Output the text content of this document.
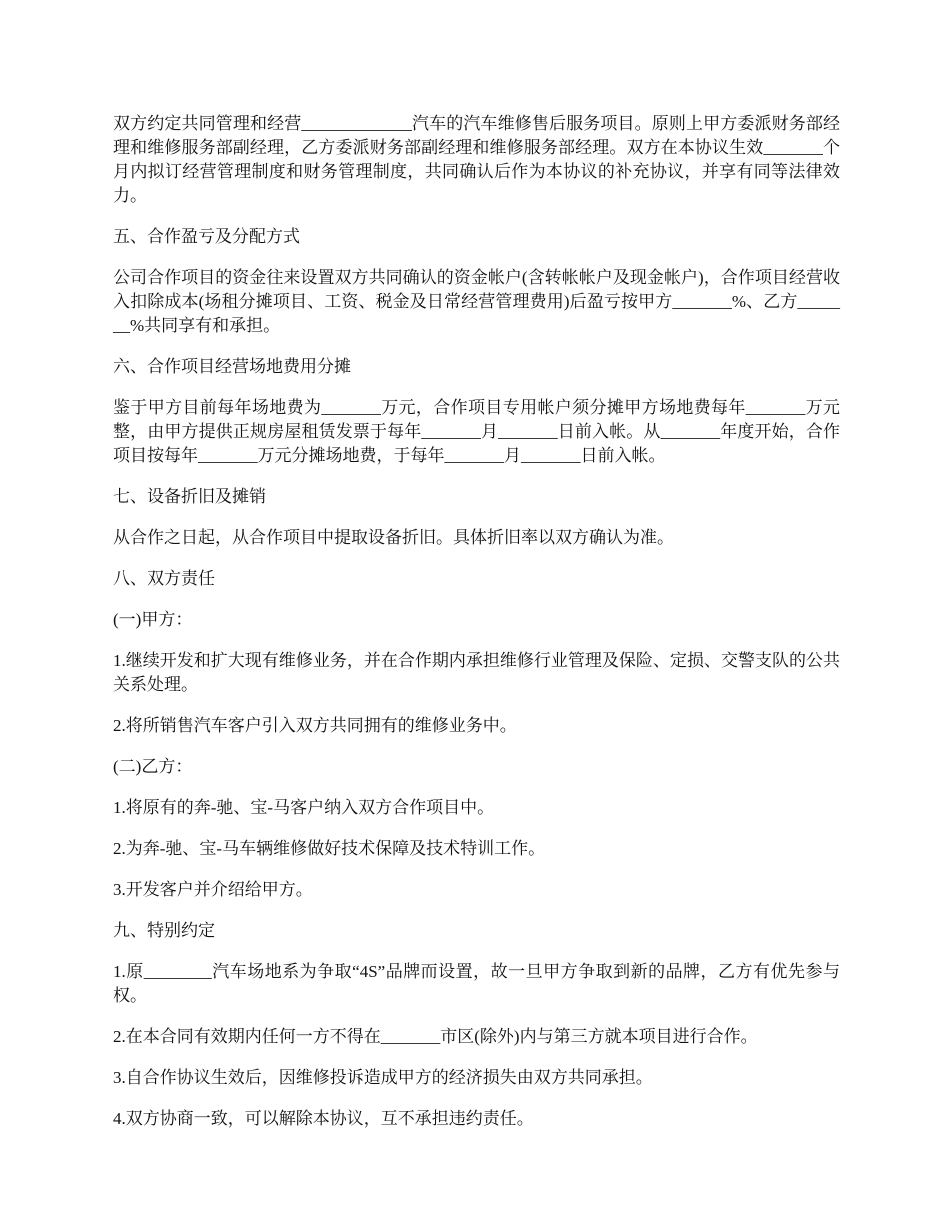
双方约定共同管理和经营_____________汽车的汽车维修售后服务项目。原则上甲方委派财务部经理和维修服务部副经理，乙方委派财务部副经理和维修服务部经理。双方在本协议生效_______个月内拟订经营管理制度和财务管理制度，共同确认后作为本协议的补充协议，并享有同等法律效力。

五、合作盈亏及分配方式

公司合作项目的资金往来设置双方共同确认的资金帐户(含转帐帐户及现金帐户)，合作项目经营收入扣除成本(场租分摊项目、工资、税金及日常经营管理费用)后盈亏按甲方_______%、乙方_______%共同享有和承担。

六、合作项目经营场地费用分摊

鉴于甲方目前每年场地费为_______万元，合作项目专用帐户须分摊甲方场地费每年_______万元整，由甲方提供正规房屋租赁发票于每年_______月_______日前入帐。从_______年度开始，合作项目按每年_______万元分摊场地费，于每年_______月_______日前入帐。

七、设备折旧及摊销

从合作之日起，从合作项目中提取设备折旧。具体折旧率以双方确认为准。

八、双方责任

(一)甲方：

1.继续开发和扩大现有维修业务，并在合作期内承担维修行业管理及保险、定损、交警支队的公共关系处理。

2.将所销售汽车客户引入双方共同拥有的维修业务中。

(二)乙方：

1.将原有的奔-驰、宝-马客户纳入双方合作项目中。

2.为奔-驰、宝-马车辆维修做好技术保障及技术特训工作。

3.开发客户并介绍给甲方。

九、特别约定

1.原________汽车场地系为争取“4S”品牌而设置，故一旦甲方争取到新的品牌，乙方有优先参与权。

2.在本合同有效期内任何一方不得在_______市区(除外)内与第三方就本项目进行合作。

3.自合作协议生效后，因维修投诉造成甲方的经济损失由双方共同承担。

4.双方协商一致，可以解除本协议，互不承担违约责任。
